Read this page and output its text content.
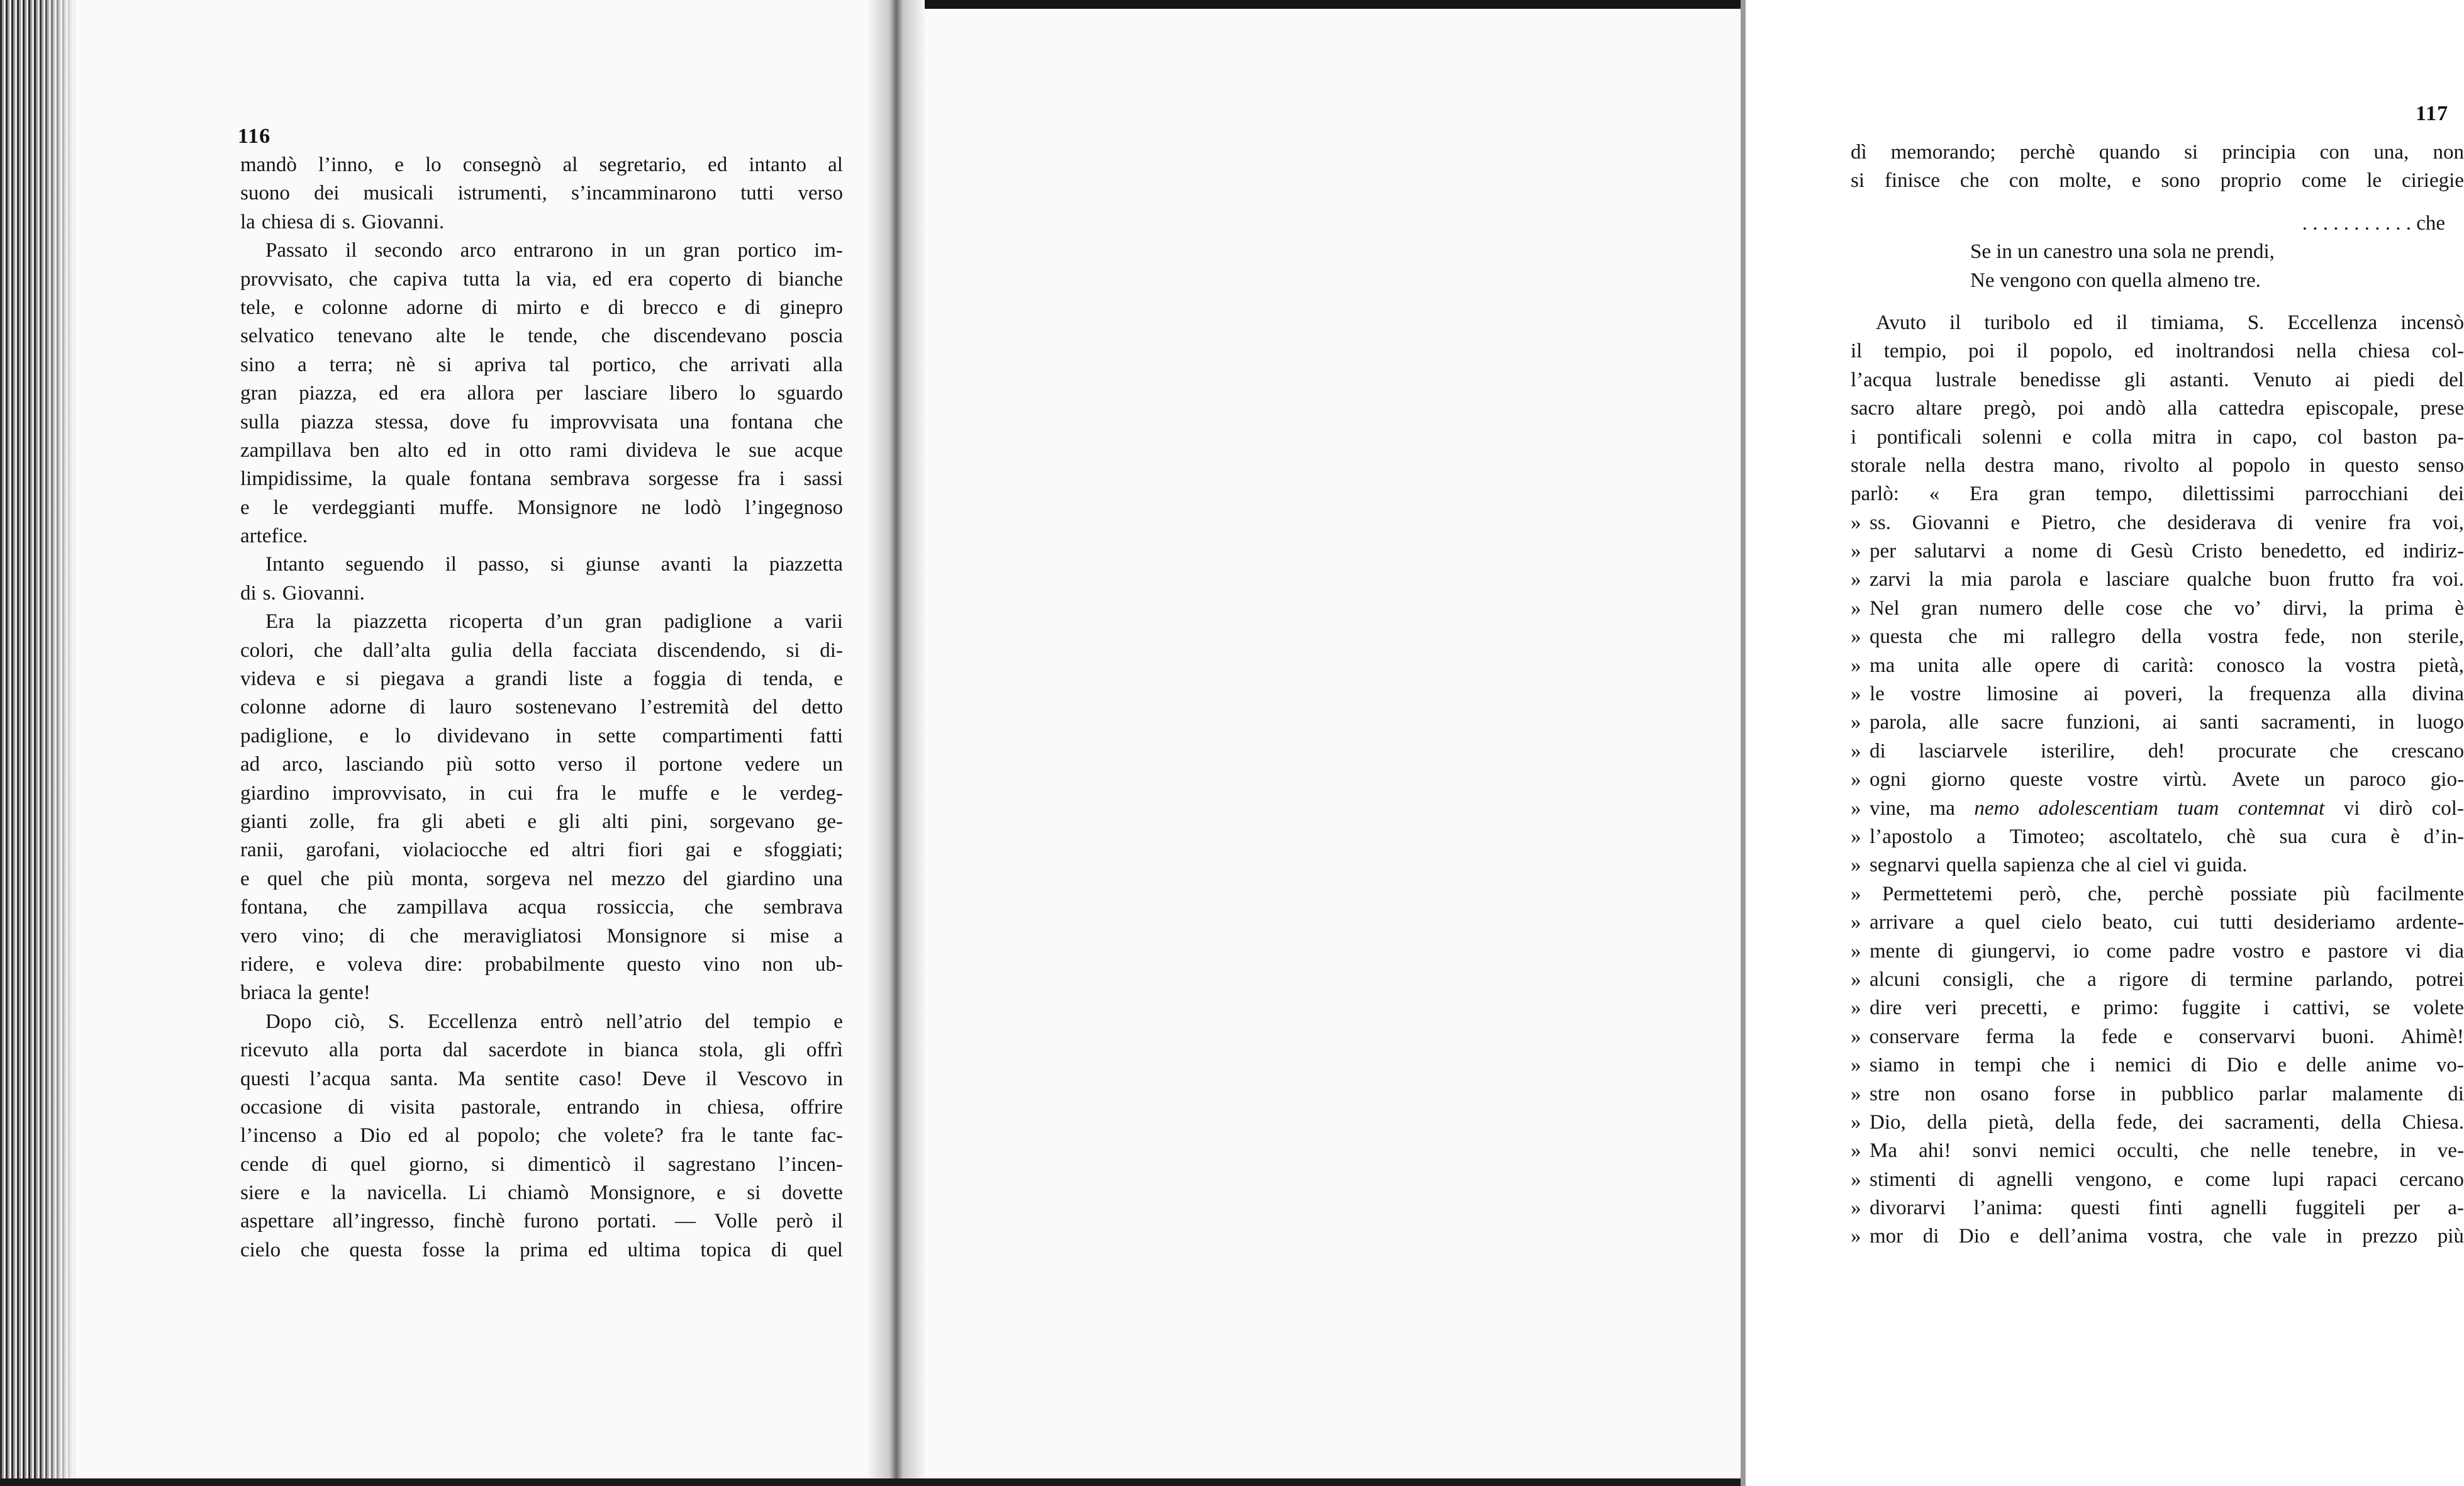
116
mandò l’inno, e lo consegnò al segretario, ed intanto al
suono dei musicali istrumenti, s’incamminarono tutti verso
la chiesa di s. Giovanni.
Passato il secondo arco entrarono in un gran portico im-
provvisato, che capiva tutta la via, ed era coperto di bianche
tele, e colonne adorne di mirto e di brecco e di ginepro
selvatico tenevano alte le tende, che discendevano poscia
sino a terra; nè si apriva tal portico, che arrivati alla
gran piazza, ed era allora per lasciare libero lo sguardo
sulla piazza stessa, dove fu improvvisata una fontana che
zampillava ben alto ed in otto rami divideva le sue acque
limpidissime, la quale fontana sembrava sorgesse fra i sassi
e le verdeggianti muffe. Monsignore ne lodò l’ingegnoso
artefice.
Intanto seguendo il passo, si giunse avanti la piazzetta
di s. Giovanni.
Era la piazzetta ricoperta d’un gran padiglione a varii
colori, che dall’alta gulia della facciata discendendo, si di-
videva e si piegava a grandi liste a foggia di tenda, e
colonne adorne di lauro sostenevano l’estremità del detto
padiglione, e lo dividevano in sette compartimenti fatti
ad arco, lasciando più sotto verso il portone vedere un
giardino improvvisato, in cui fra le muffe e le verdeg-
gianti zolle, fra gli abeti e gli alti pini, sorgevano ge-
ranii, garofani, violaciocche ed altri fiori gai e sfoggiati;
e quel che più monta, sorgeva nel mezzo del giardino una
fontana, che zampillava acqua rossiccia, che sembrava
vero vino; di che meravigliatosi Monsignore si mise a
ridere, e voleva dire: probabilmente questo vino non ub-
briaca la gente!
Dopo ciò, S. Eccellenza entrò nell’atrio del tempio e
ricevuto alla porta dal sacerdote in bianca stola, gli offrì
questi l’acqua santa. Ma sentite caso! Deve il Vescovo in
occasione di visita pastorale, entrando in chiesa, offrire
l’incenso a Dio ed al popolo; che volete? fra le tante fac-
cende di quel giorno, si dimenticò il sagrestano l’incen-
siere e la navicella. Li chiamò Monsignore, e si dovette
aspettare all’ingresso, finchè furono portati. — Volle però il
cielo che questa fosse la prima ed ultima topica di quel
117
dì memorando; perchè quando si principia con una, non
si finisce che con molte, e sono proprio come le ciriegie
. . . . . . . . . . . che
Se in un canestro una sola ne prendi,
Ne vengono con quella almeno tre.
Avuto il turibolo ed il timiama, S. Eccellenza incensò
il tempio, poi il popolo, ed inoltrandosi nella chiesa col-
l’acqua lustrale benedisse gli astanti. Venuto ai piedi del
sacro altare pregò, poi andò alla cattedra episcopale, prese
i pontificali solenni e colla mitra in capo, col baston pa-
storale nella destra mano, rivolto al popolo in questo senso
parlò: « Era gran tempo, dilettissimi parrocchiani dei
» ss. Giovanni e Pietro, che desiderava di venire fra voi,
» per salutarvi a nome di Gesù Cristo benedetto, ed indiriz-
» zarvi la mia parola e lasciare qualche buon frutto fra voi.
» Nel gran numero delle cose che vo’ dirvi, la prima è
» questa che mi rallegro della vostra fede, non sterile,
» ma unita alle opere di carità: conosco la vostra pietà,
» le vostre limosine ai poveri, la frequenza alla divina
» parola, alle sacre funzioni, ai santi sacramenti, in luogo
» di lasciarvele isterilire, deh! procurate che crescano
» ogni giorno queste vostre virtù. Avete un paroco gio-
» vine, ma nemo adolescentiam tuam contemnat vi dirò col-
» l’apostolo a Timoteo; ascoltatelo, chè sua cura è d’in-
» segnarvi quella sapienza che al ciel vi guida.
»	Permettetemi però, che, perchè possiate più facilmente
» arrivare a quel cielo beato, cui tutti desideriamo ardente-
» mente di giungervi, io come padre vostro e pastore vi dia
» alcuni consigli, che a rigore di termine parlando, potrei
» dire veri precetti, e primo: fuggite i cattivi, se volete
» conservare ferma la fede e conservarvi buoni. Ahimè!
» siamo in tempi che i nemici di Dio e delle anime vo-
» stre non osano forse in pubblico parlar malamente di
» Dio, della pietà, della fede, dei sacramenti, della Chiesa.
» Ma ahi! sonvi nemici occulti, che nelle tenebre, in ve-
» stimenti di agnelli vengono, e come lupi rapaci cercano
» divorarvi l’anima: questi finti agnelli fuggiteli per a-
» mor di Dio e dell’anima vostra, che vale in prezzo più
